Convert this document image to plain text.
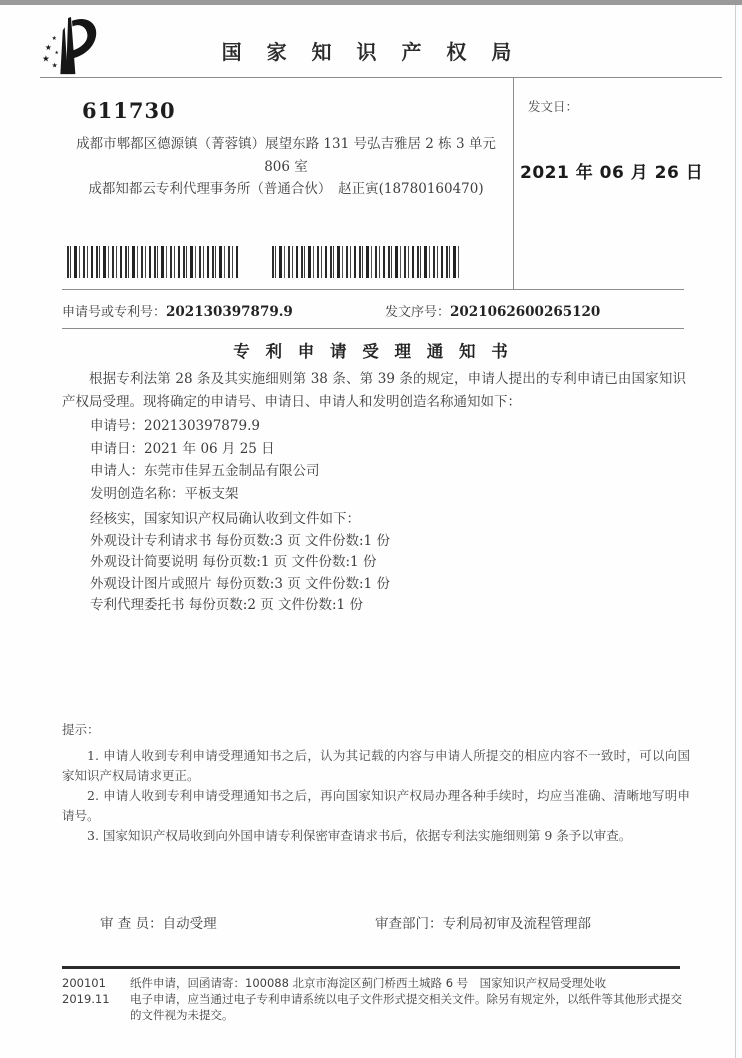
★
★
★
★
★
国 家 知 识 产 权 局
611730
成都市郫都区德源镇（菁蓉镇）展望东路 131 号弘吉雅居 2 栋 3 单元
806 室
成都知都云专利代理事务所（普通合伙）　赵正寅(18780160470)
发文日：
2021 年 06 月 26 日
申请号或专利号：202130397879.9	发文序号：2021062600265120
专 利 申 请 受 理 通 知 书
根据专利法第 28 条及其实施细则第 38 条、第 39 条的规定，申请人提出的专利申请已由国家知识产权局受理。现将确定的申请号、申请日、申请人和发明创造名称通知如下：
申请号：202130397879.9
申请日：2021 年 06 月 25 日
申请人：东莞市佳昇五金制品有限公司
发明创造名称：平板支架
经核实，国家知识产权局确认收到文件如下：
外观设计专利请求书 每份页数:3 页 文件份数:1 份
外观设计简要说明 每份页数:1 页 文件份数:1 份
外观设计图片或照片 每份页数:3 页 文件份数:1 份
专利代理委托书 每份页数:2 页 文件份数:1 份
提示：

1. 申请人收到专利申请受理通知书之后，认为其记载的内容与申请人所提交的相应内容不一致时，可以向国家知识产权局请求更正。

2. 申请人收到专利申请受理通知书之后，再向国家知识产权局办理各种手续时，均应当准确、清晰地写明申请号。

3. 国家知识产权局收到向外国申请专利保密审查请求书后，依据专利法实施细则第 9 条予以审查。

审 查 员：自动受理	审查部门：专利局初审及流程管理部
200101
2019.11
纸件申请，回函请寄：100088 北京市海淀区蓟门桥西土城路 6 号　国家知识产权局受理处收
电子申请，应当通过电子专利申请系统以电子文件形式提交相关文件。除另有规定外，以纸件等其他形式提交的文件视为未提交。
